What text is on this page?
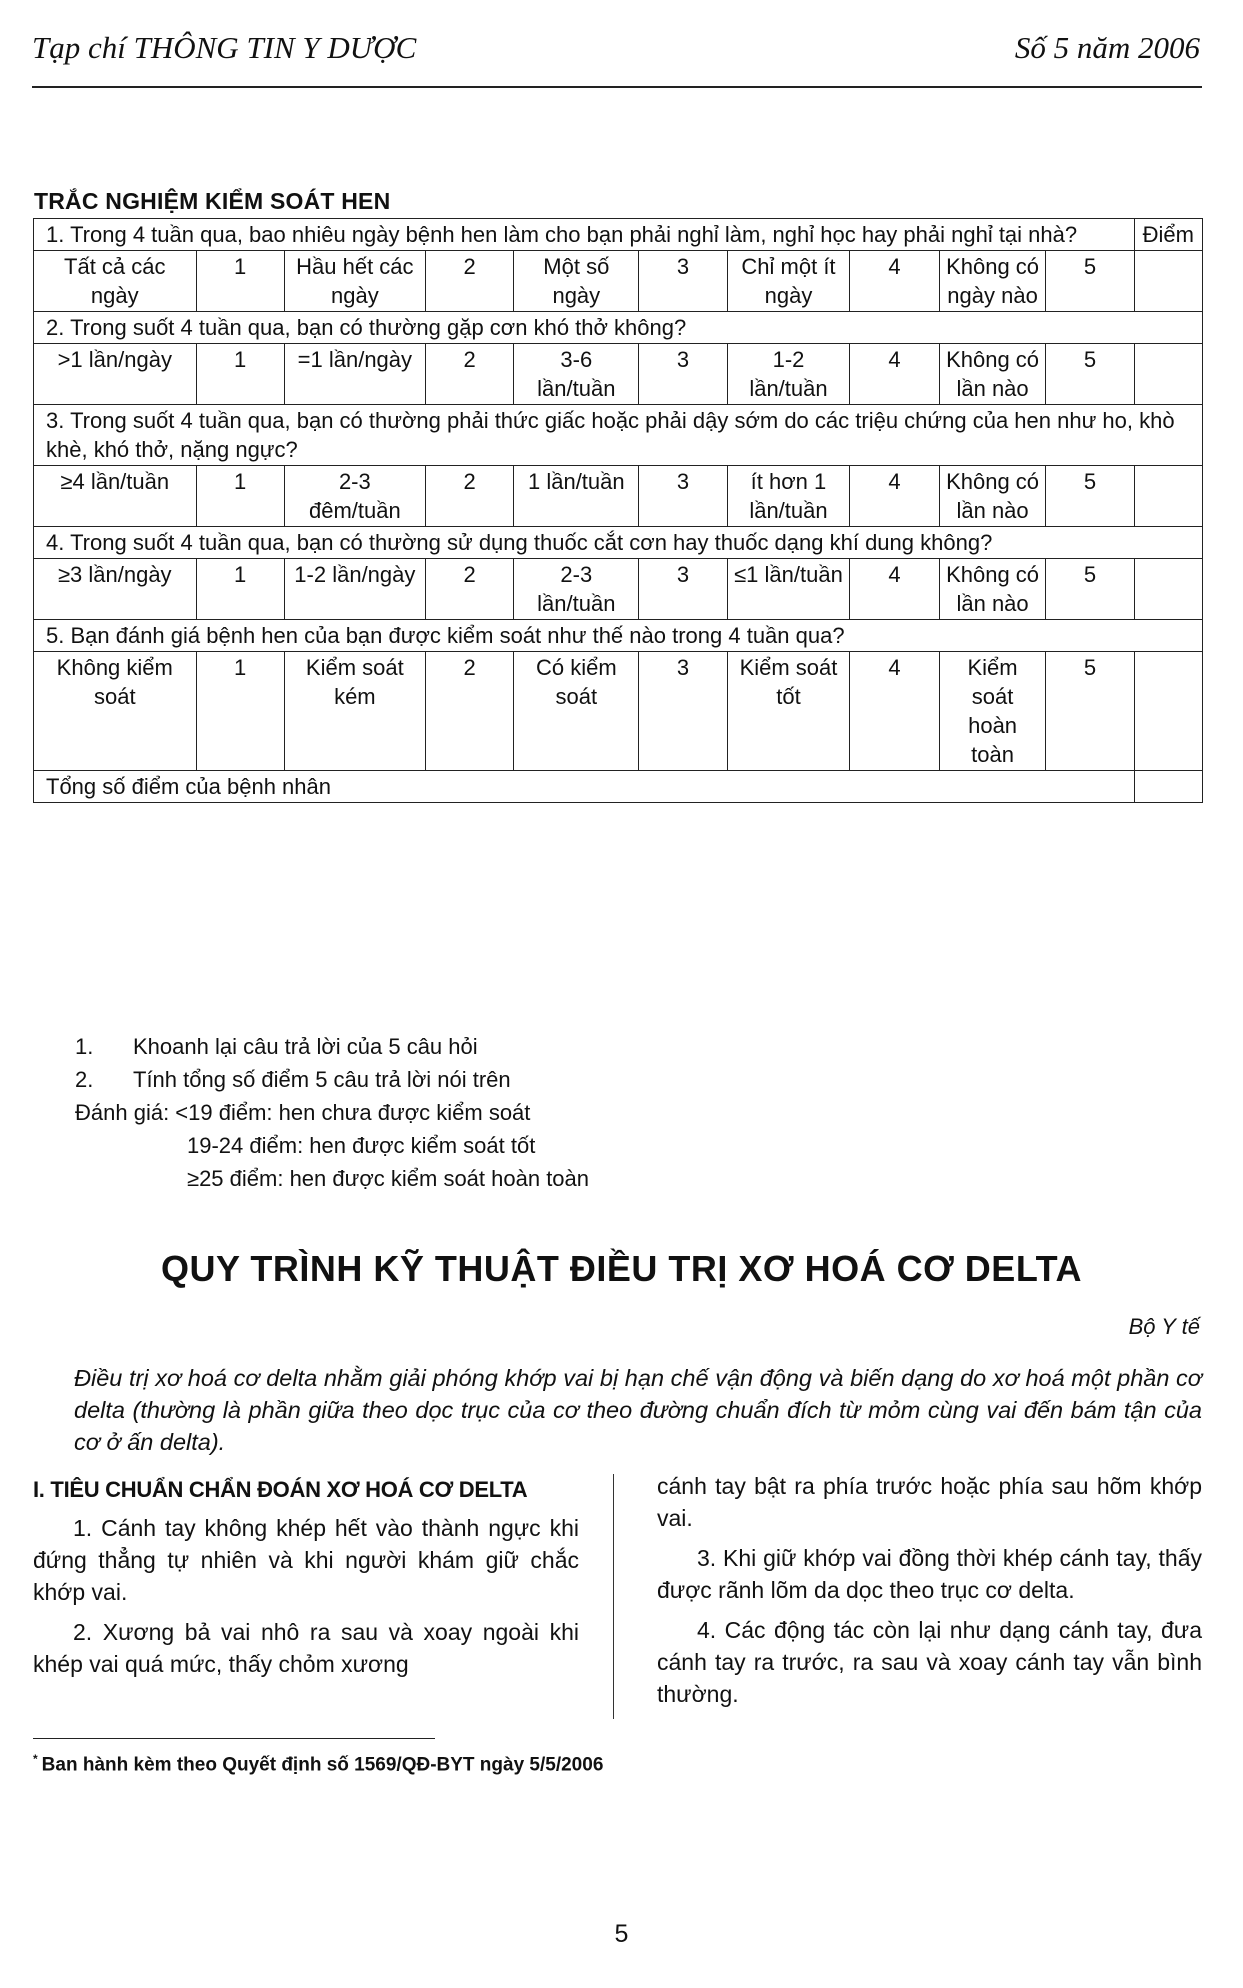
Tạp chí THÔNG TIN Y DƯỢC	Số 5 năm 2006
TRẮC NGHIỆM KIỂM SOÁT HEN
1. Trong 4 tuần qua, bao nhiêu ngày bệnh hen làm cho bạn phải nghỉ làm, nghỉ học hay phải nghỉ tại nhà?										Điểm
Tất cả các ngày	1	Hầu hết các ngày	2	Một số ngày	3	Chỉ một ít ngày	4	Không có ngày nào	5	
2. Trong suốt 4 tuần qua, bạn có thường gặp cơn khó thở không?										
>1 lần/ngày	1	=1 lần/ngày	2	3-6 lần/tuần	3	1-2 lần/tuần	4	Không có lần nào	5	
3. Trong suốt 4 tuần qua, bạn có thường phải thức giấc hoặc phải dậy sớm do các triệu chứng của hen như ho, khò khè, khó thở, nặng ngực?										
≥4 lần/tuần	1	2-3 đêm/tuần	2	1 lần/tuần	3	ít hơn 1 lần/tuần	4	Không có lần nào	5	
4. Trong suốt 4 tuần qua, bạn có thường sử dụng thuốc cắt cơn hay thuốc dạng khí dung không?										
≥3 lần/ngày	1	1-2 lần/ngày	2	2-3 lần/tuần	3	≤1 lần/tuần	4	Không có lần nào	5	
5. Bạn đánh giá bệnh hen của bạn được kiểm soát như thế nào trong 4 tuần qua?										
Không kiểm soát	1	Kiểm soát kém	2	Có kiểm soát	3	Kiểm soát tốt	4	Kiểm soát hoàn toàn	5	
Tổng số điểm của bệnh nhân										
1.	Khoanh lại câu trả lời của 5 câu hỏi
2.	Tính tổng số điểm 5 câu trả lời nói trên
Đánh giá: <19 điểm: hen chưa được kiểm soát
19-24 điểm: hen được kiểm soát tốt
≥25 điểm: hen được kiểm soát hoàn toàn
QUY TRÌNH KỸ THUẬT ĐIỀU TRỊ XƠ HOÁ CƠ DELTA
Bộ Y tế
Điều trị xơ hoá cơ delta nhằm giải phóng khớp vai bị hạn chế vận động và biến dạng do xơ hoá một phần cơ delta (thường là phần giữa theo dọc trục của cơ theo đường chuẩn đích từ mỏm cùng vai đến bám tận của cơ ở ấn delta).
I. TIÊU CHUẨN CHẨN ĐOÁN XƠ HOÁ CƠ DELTA
1. Cánh tay không khép hết vào thành ngực khi đứng thẳng tự nhiên và khi người khám giữ chắc khớp vai.
2. Xương bả vai nhô ra sau và xoay ngoài khi khép vai quá mức, thấy chỏm xương
cánh tay bật ra phía trước hoặc phía sau hõm khớp vai.
3. Khi giữ khớp vai đồng thời khép cánh tay, thấy được rãnh lõm da dọc theo trục cơ delta.
4. Các động tác còn lại như dạng cánh tay, đưa cánh tay ra trước, ra sau và xoay cánh tay vẫn bình thường.
* Ban hành kèm theo Quyết định số 1569/QĐ-BYT ngày 5/5/2006
5
